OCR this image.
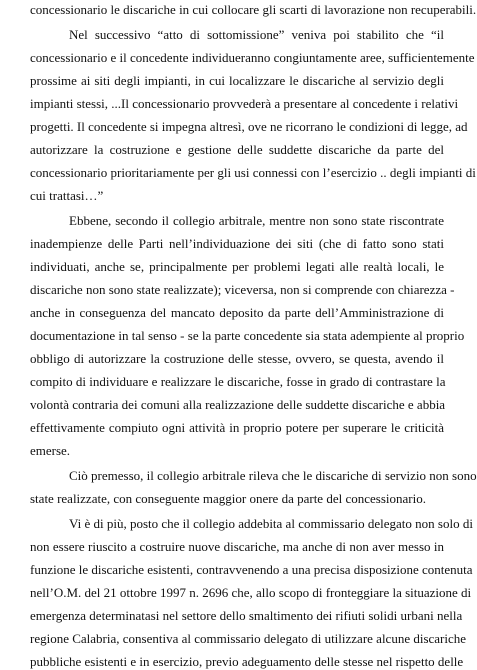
concessionario le discariche in cui collocare gli scarti di lavorazione non recuperabili.
Nel successivo “atto di sottomissione” veniva poi stabilito che “il
concessionario e il concedente individueranno congiuntamente aree, sufficientemente
prossime ai siti degli impianti, in cui localizzare le discariche al servizio degli
impianti stessi, ...Il concessionario provvederà a presentare al concedente i relativi
progetti. Il concedente si impegna altresì, ove ne ricorrano le condizioni di legge, ad
autorizzare la costruzione e gestione delle suddette discariche da parte del
concessionario prioritariamente per gli usi connessi con l’esercizio .. degli impianti di
cui trattasi…”
Ebbene, secondo il collegio arbitrale, mentre non sono state riscontrate
inadempienze delle Parti nell’individuazione dei siti (che di fatto sono stati
individuati, anche se, principalmente per problemi legati alle realtà locali, le
discariche non sono state realizzate); viceversa, non si comprende con chiarezza -
anche in conseguenza del mancato deposito da parte dell’Amministrazione di
documentazione in tal senso - se la parte concedente sia stata adempiente al proprio
obbligo di autorizzare la costruzione delle stesse, ovvero, se questa, avendo il
compito di individuare e realizzare le discariche, fosse in grado di contrastare la
volontà contraria dei comuni alla realizzazione delle suddette discariche e abbia
effettivamente compiuto ogni attività in proprio potere per superare le criticità
emerse.
Ciò premesso, il collegio arbitrale rileva che le discariche di servizio non sono
state realizzate, con conseguente maggior onere da parte del concessionario.
Vi è di più, posto che il collegio addebita al commissario delegato non solo di
non essere riuscito a costruire nuove discariche, ma anche di non aver messo in
funzione le discariche esistenti, contravvenendo a una precisa disposizione contenuta
nell’O.M. del 21 ottobre 1997 n. 2696 che, allo scopo di fronteggiare la situazione di
emergenza determinatasi nel settore dello smaltimento dei rifiuti solidi urbani nella
regione Calabria, consentiva al commissario delegato di utilizzare alcune discariche
pubbliche esistenti e in esercizio, previo adeguamento delle stesse nel rispetto delle
